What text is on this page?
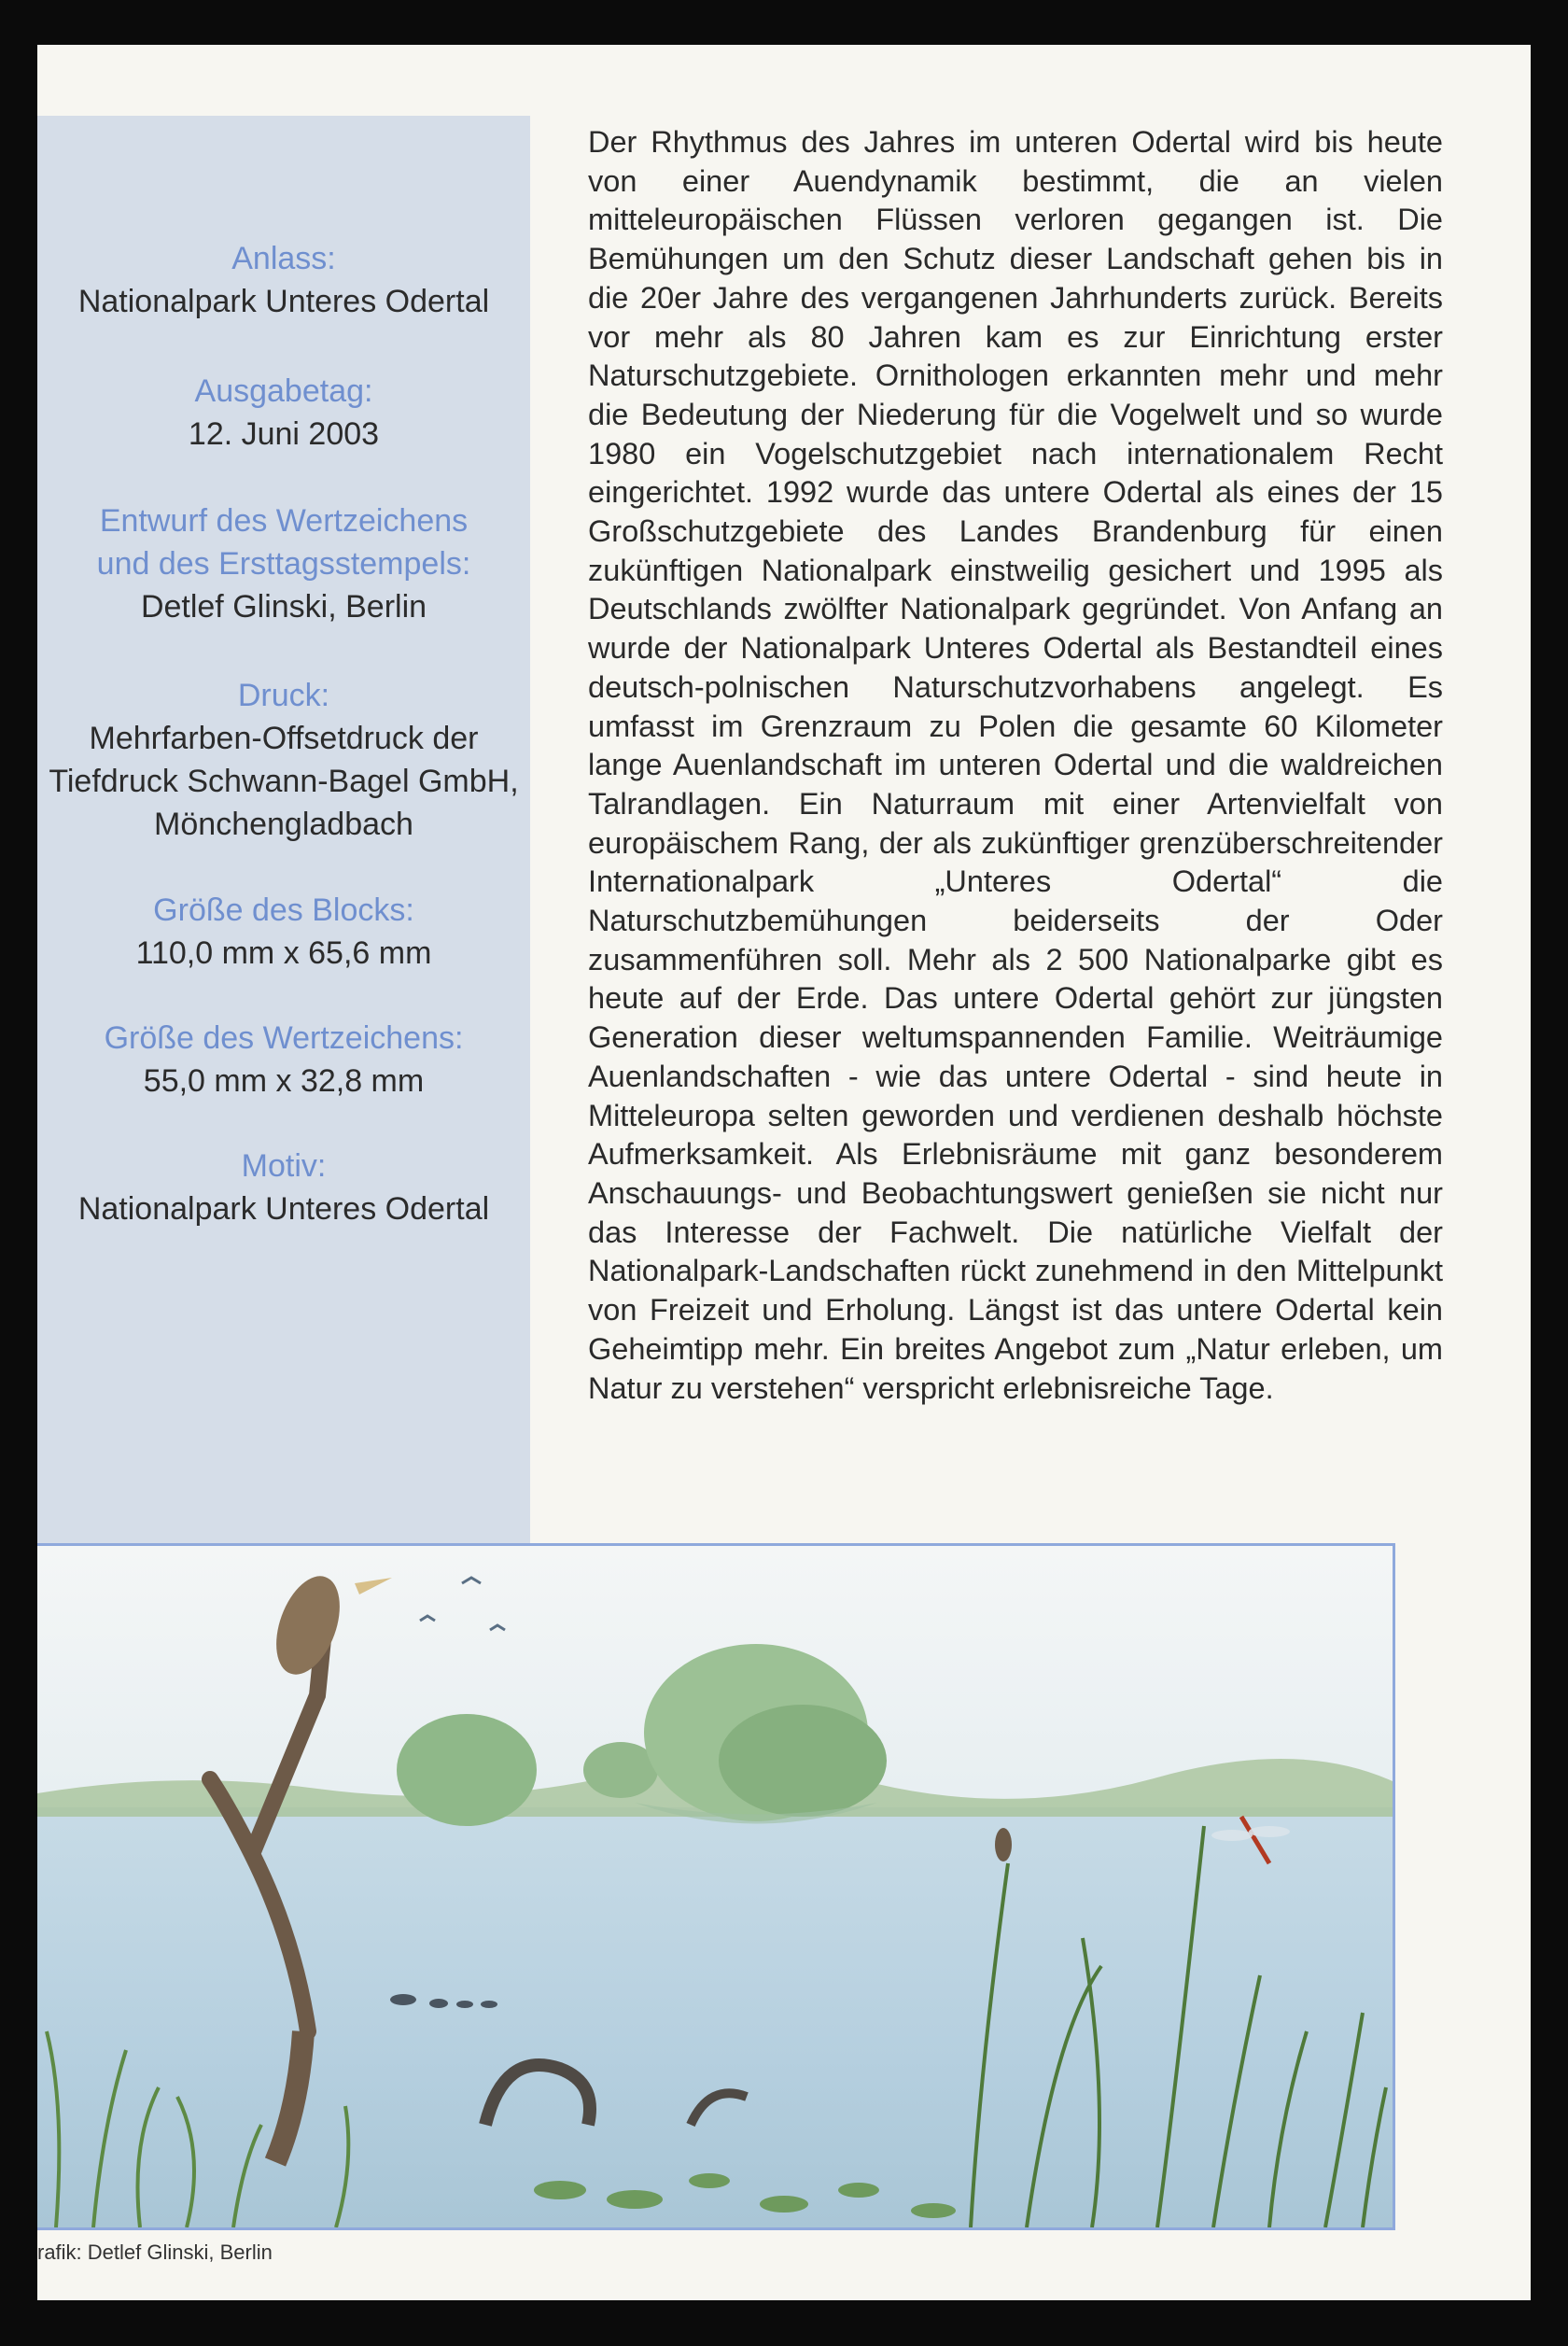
Anlass:
Nationalpark Unteres Odertal
Ausgabetag:
12. Juni 2003
Entwurf des Wertzeichens
und des Ersttagsstempels:
Detlef Glinski, Berlin
Druck:
Mehrfarben-Offsetdruck der
Tiefdruck Schwann-Bagel GmbH,
Mönchengladbach
Größe des Blocks:
110,0 mm x 65,6 mm
Größe des Wertzeichens:
55,0 mm x 32,8 mm
Motiv:
Nationalpark Unteres Odertal

Der Rhythmus des Jahres im unteren Odertal wird bis heute von einer Auendynamik bestimmt, die an vielen mitteleuropäischen Flüssen verloren gegangen ist. Die Bemühungen um den Schutz dieser Landschaft gehen bis in die 20er Jahre des vergangenen Jahrhunderts zurück. Bereits vor mehr als 80 Jahren kam es zur Einrichtung erster Naturschutzgebiete. Ornithologen erkannten mehr und mehr die Bedeutung der Niederung für die Vogelwelt und so wurde 1980 ein Vogelschutzgebiet nach internationalem Recht eingerichtet. 1992 wurde das untere Odertal als eines der 15 Großschutzgebiete des Landes Brandenburg für einen zukünftigen Nationalpark einstweilig gesichert und 1995 als Deutschlands zwölfter Nationalpark gegründet. Von Anfang an wurde der Nationalpark Unteres Odertal als Bestandteil eines deutsch-polnischen Naturschutzvorhabens angelegt. Es umfasst im Grenzraum zu Polen die gesamte 60 Kilometer lange Auenlandschaft im unteren Odertal und die waldreichen Talrandlagen. Ein Naturraum mit einer Artenvielfalt von europäischem Rang, der als zukünftiger grenzüberschreitender Internationalpark „Unteres Odertal“ die Naturschutzbemühungen beiderseits der Oder zusammenführen soll. Mehr als 2 500 Nationalparke gibt es heute auf der Erde. Das untere Odertal gehört zur jüngsten Generation dieser weltumspannenden Familie. Weiträumige Auenlandschaften - wie das untere Odertal - sind heute in Mitteleuropa selten geworden und verdienen deshalb höchste Aufmerksamkeit. Als Erlebnisräume mit ganz besonderem Anschauungs- und Beobachtungswert genießen sie nicht nur das Interesse der Fachwelt. Die natürliche Vielfalt der Nationalpark-Landschaften rückt zunehmend in den Mittelpunkt von Freizeit und Erholung. Längst ist das untere Odertal kein Geheimtipp mehr. Ein breites Angebot zum „Natur erleben, um Natur zu verstehen“ verspricht erlebnisreiche Tage.

rafik: Detlef Glinski, Berlin
